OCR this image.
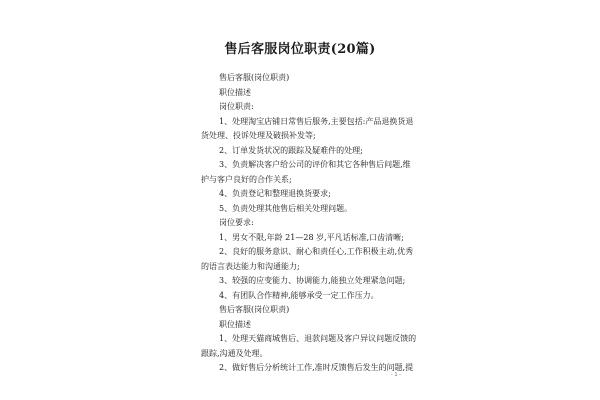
售后客服岗位职责(20篇)

售后客服(岗位职责)

职位描述

岗位职责:

1、处理淘宝店铺日常售后服务,主要包括:产品退换货退

货处理、投诉处理及破损补发等;

2、订单发货状况的跟踪及疑难件的处理;

3、负责解决客户给公司的评价和其它各种售后问题,维

护与客户良好的合作关系;

4、负责登记和整理退换货要求;

5、负责处理其他售后相关处理问题。

岗位要求:

1、男女不限,年龄 21—28 岁,平凡话标准,口齿清晰;

2、良好的服务意识、耐心和责任心,工作积极主动,优秀

的语言表达能力和沟通能力;

3、较强的应变能力、协调能力,能独立处理紧急问题;

4、有团队合作精神,能够承受一定工作压力。

售后客服(岗位职责)

职位描述

1、处理天猫商城售后、退款问题及客户异议问题反馈的

跟踪,沟通及处理。

2、做好售后分析统计工作,准时反馈售后发生的问题,提

- 1 -
